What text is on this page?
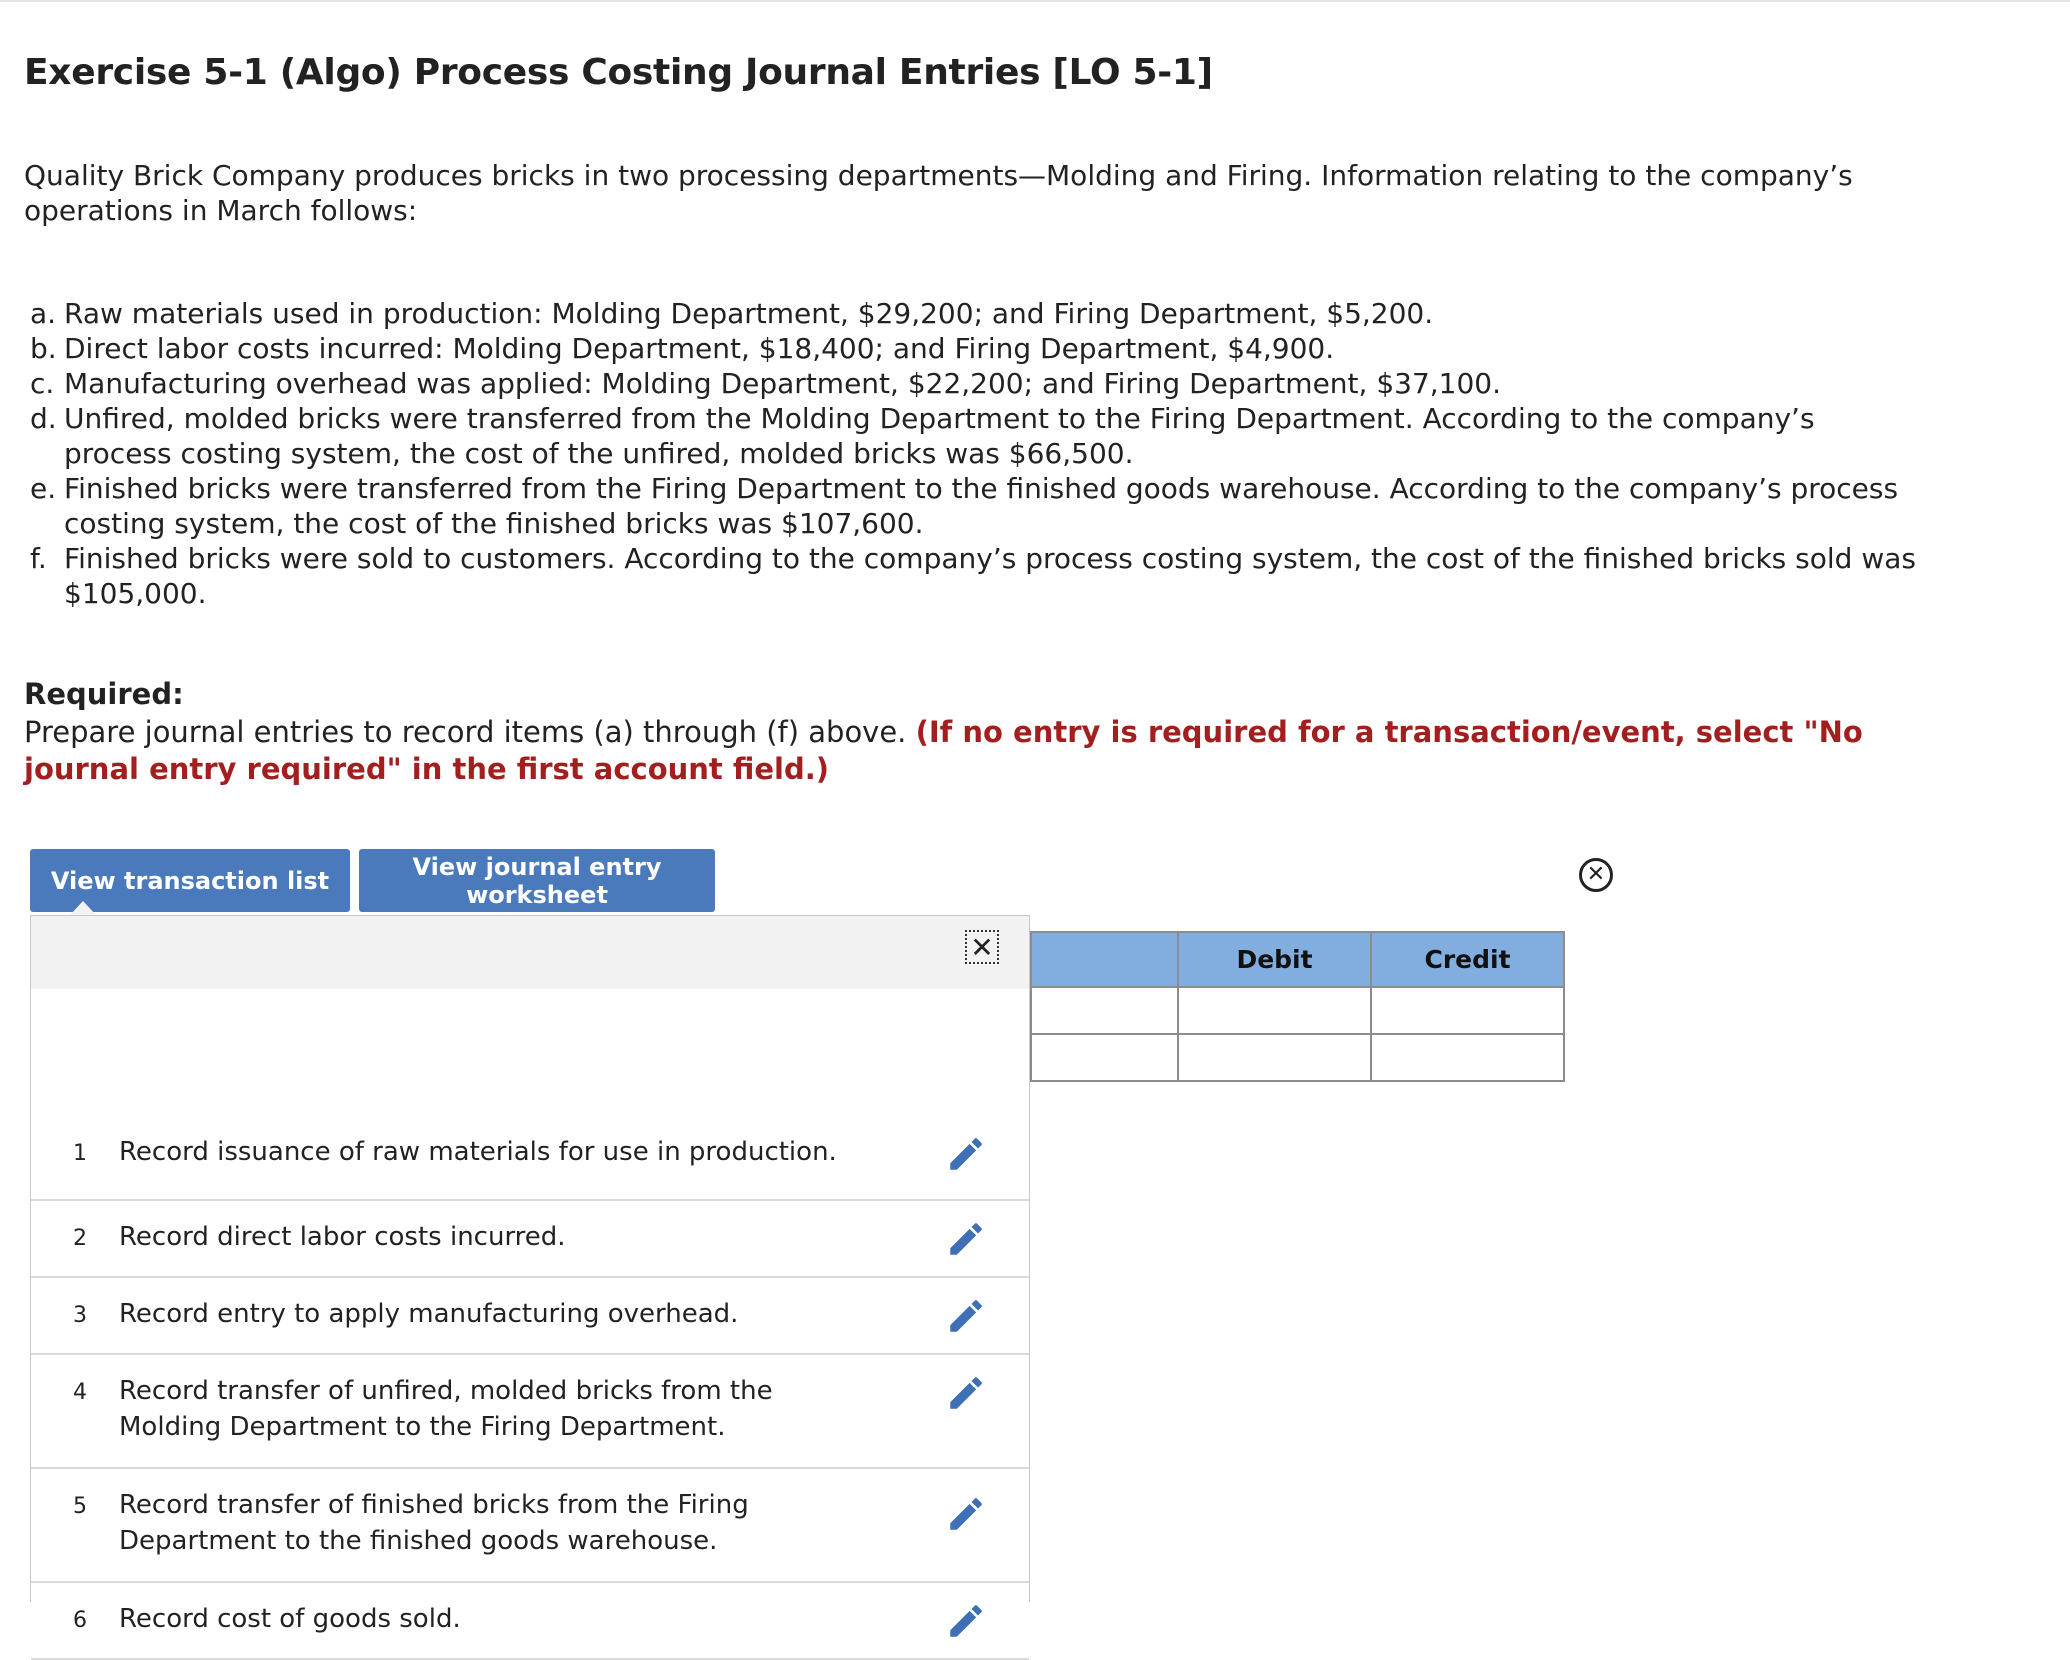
Exercise 5-1 (Algo) Process Costing Journal Entries [LO 5-1]
Quality Brick Company produces bricks in two processing departments—Molding and Firing. Information relating to the company’s operations in March follows:
a. Raw materials used in production: Molding Department, $29,200; and Firing Department, $5,200.
b. Direct labor costs incurred: Molding Department, $18,400; and Firing Department, $4,900.
c. Manufacturing overhead was applied: Molding Department, $22,200; and Firing Department, $37,100.
d. Unfired, molded bricks were transferred from the Molding Department to the Firing Department. According to the company’s process costing system, the cost of the unfired, molded bricks was $66,500.
e. Finished bricks were transferred from the Firing Department to the finished goods warehouse. According to the company’s process costing system, the cost of the finished bricks was $107,600.
f. Finished bricks were sold to customers. According to the company’s process costing system, the cost of the finished bricks sold was $105,000.
Required:
Prepare journal entries to record items (a) through (f) above. (If no entry is required for a transaction/event, select "No journal entry required" in the first account field.)
View transaction list	View journal entry worksheet
✕
✕
1 Record issuance of raw materials for use in production.
2 Record direct labor costs incurred.
3 Record entry to apply manufacturing overhead.
4 Record transfer of unfired, molded bricks from the Molding Department to the Firing Department.
5 Record transfer of finished bricks from the Firing Department to the finished goods warehouse.
6 Record cost of goods sold.
	Debit	Credit
